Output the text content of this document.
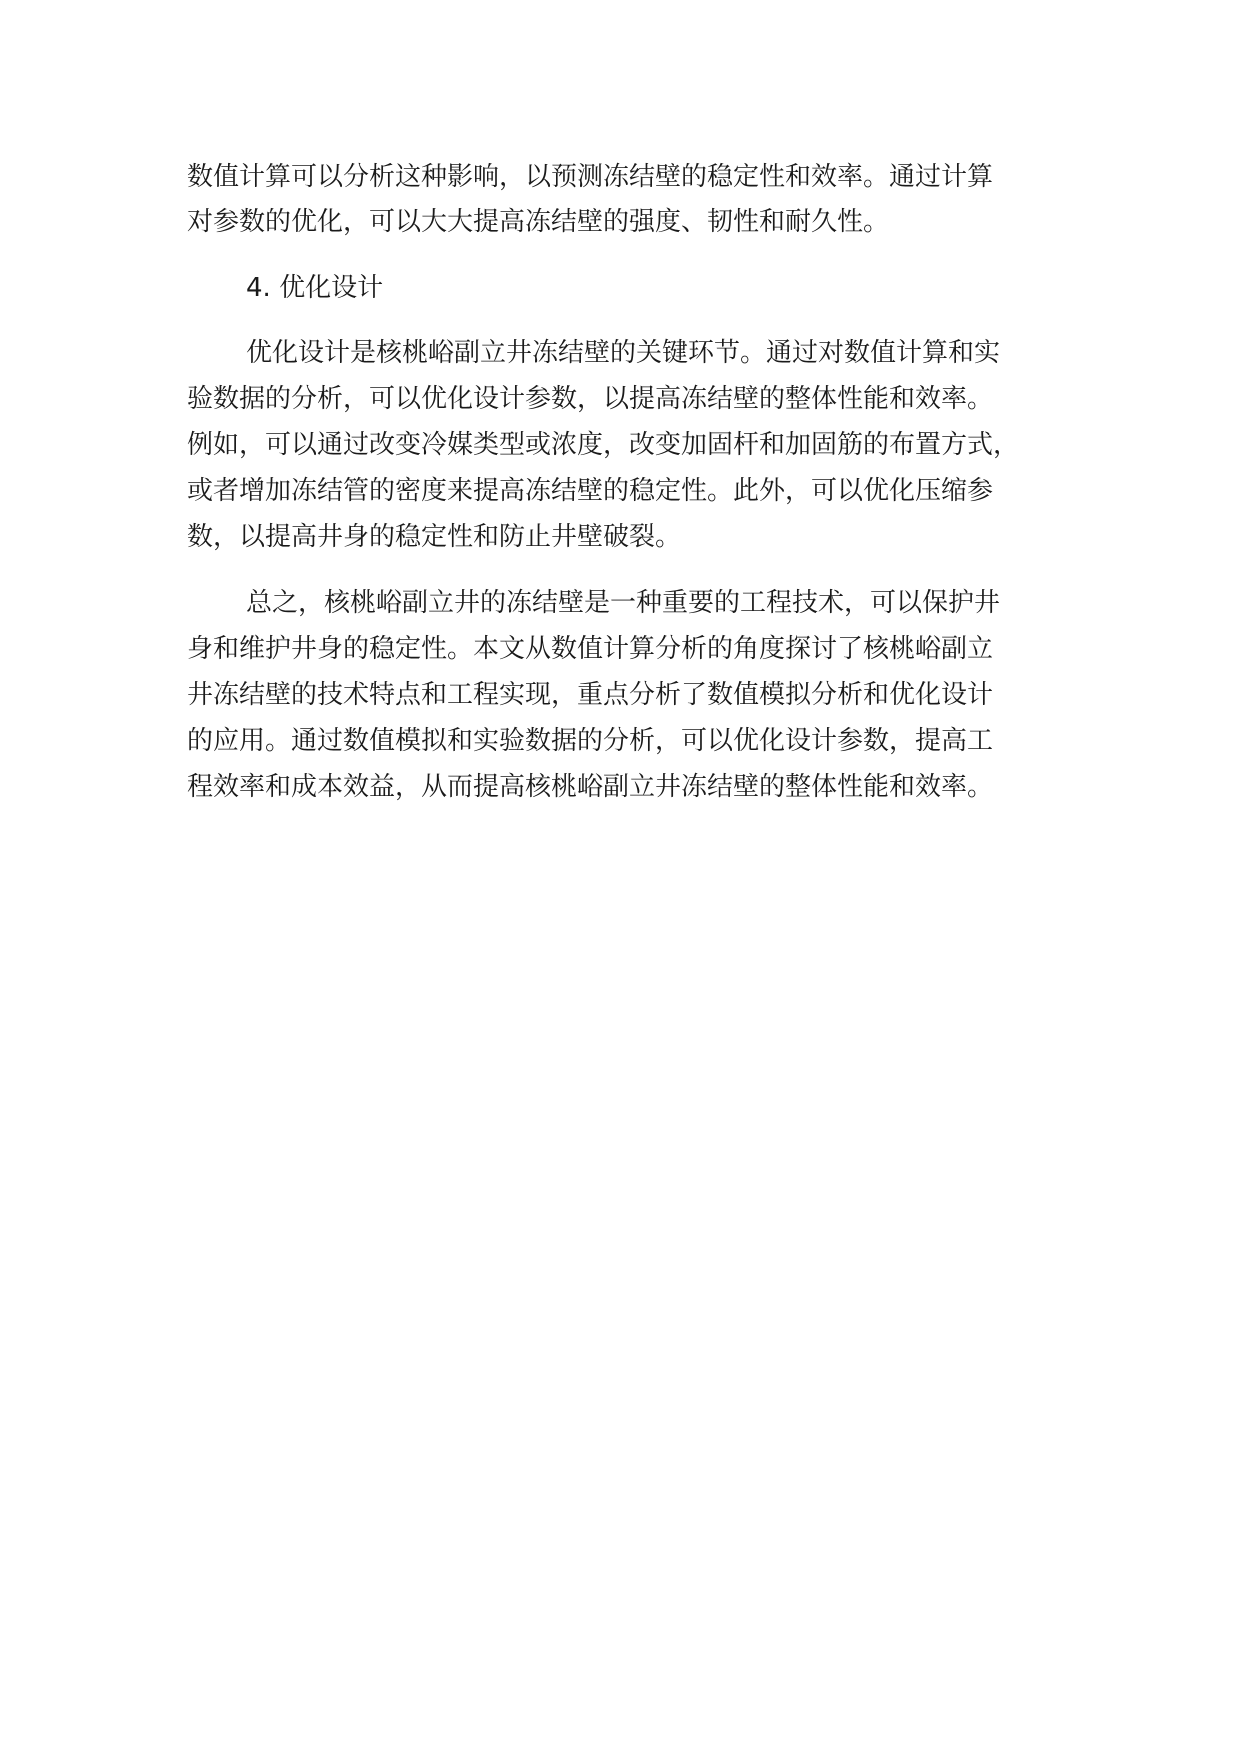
数值计算可以分析这种影响，以预测冻结壁的稳定性和效率。通过计算
对参数的优化，可以大大提高冻结壁的强度、韧性和耐久性。
4. 优化设计
优化设计是核桃峪副立井冻结壁的关键环节。通过对数值计算和实
验数据的分析，可以优化设计参数，以提高冻结壁的整体性能和效率。
例如，可以通过改变冷媒类型或浓度，改变加固杆和加固筋的布置方式，
或者增加冻结管的密度来提高冻结壁的稳定性。此外，可以优化压缩参
数，以提高井身的稳定性和防止井壁破裂。
总之，核桃峪副立井的冻结壁是一种重要的工程技术，可以保护井
身和维护井身的稳定性。本文从数值计算分析的角度探讨了核桃峪副立
井冻结壁的技术特点和工程实现，重点分析了数值模拟分析和优化设计
的应用。通过数值模拟和实验数据的分析，可以优化设计参数，提高工
程效率和成本效益，从而提高核桃峪副立井冻结壁的整体性能和效率。
